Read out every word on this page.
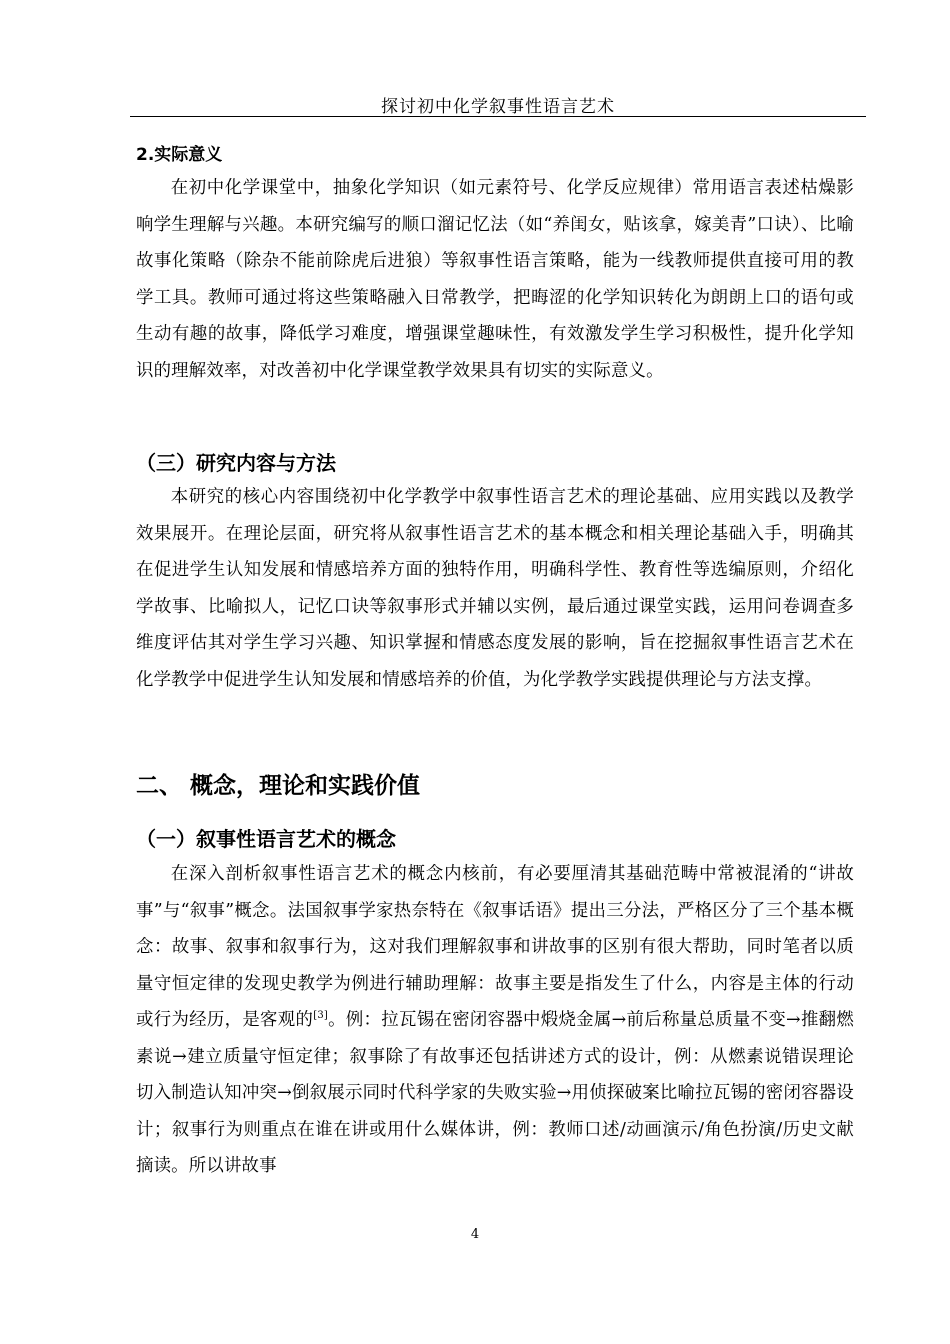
探讨初中化学叙事性语言艺术
2.实际意义
在初中化学课堂中，抽象化学知识（如元素符号、化学反应规律）常用语言表述枯燥影响学生理解与兴趣。本研究编写的顺口溜记忆法（如“养闺女，贴该拿，嫁美青”口诀）、比喻故事化策略（除杂不能前除虎后进狼）等叙事性语言策略，能为一线教师提供直接可用的教学工具。教师可通过将这些策略融入日常教学，把晦涩的化学知识转化为朗朗上口的语句或生动有趣的故事，降低学习难度，增强课堂趣味性，有效激发学生学习积极性，提升化学知识的理解效率，对改善初中化学课堂教学效果具有切实的实际意义。
（三）研究内容与方法
本研究的核心内容围绕初中化学教学中叙事性语言艺术的理论基础、应用实践以及教学效果展开。在理论层面，研究将从叙事性语言艺术的基本概念和相关理论基础入手，明确其在促进学生认知发展和情感培养方面的独特作用，明确科学性、教育性等选编原则，介绍化学故事、比喻拟人，记忆口诀等叙事形式并辅以实例，最后通过课堂实践，运用问卷调查多维度评估其对学生学习兴趣、知识掌握和情感态度发展的影响，旨在挖掘叙事性语言艺术在化学教学中促进学生认知发展和情感培养的价值，为化学教学实践提供理论与方法支撑。
二、 概念，理论和实践价值
（一）叙事性语言艺术的概念
在深入剖析叙事性语言艺术的概念内核前，有必要厘清其基础范畴中常被混淆的“讲故事”与“叙事”概念。法国叙事学家热奈特在《叙事话语》提出三分法，严格区分了三个基本概念：故事、叙事和叙事行为，这对我们理解叙事和讲故事的区别有很大帮助，同时笔者以质量守恒定律的发现史教学为例进行辅助理解：故事主要是指发生了什么，内容是主体的行动或行为经历，是客观的[3]。例：拉瓦锡在密闭容器中煅烧金属→前后称量总质量不变→推翻燃素说→建立质量守恒定律；叙事除了有故事还包括讲述方式的设计，例：从燃素说错误理论切入制造认知冲突→倒叙展示同时代科学家的失败实验→用侦探破案比喻拉瓦锡的密闭容器设计；叙事行为则重点在谁在讲或用什么媒体讲，例：教师口述/动画演示/角色扮演/历史文献摘读。所以讲故事
4
